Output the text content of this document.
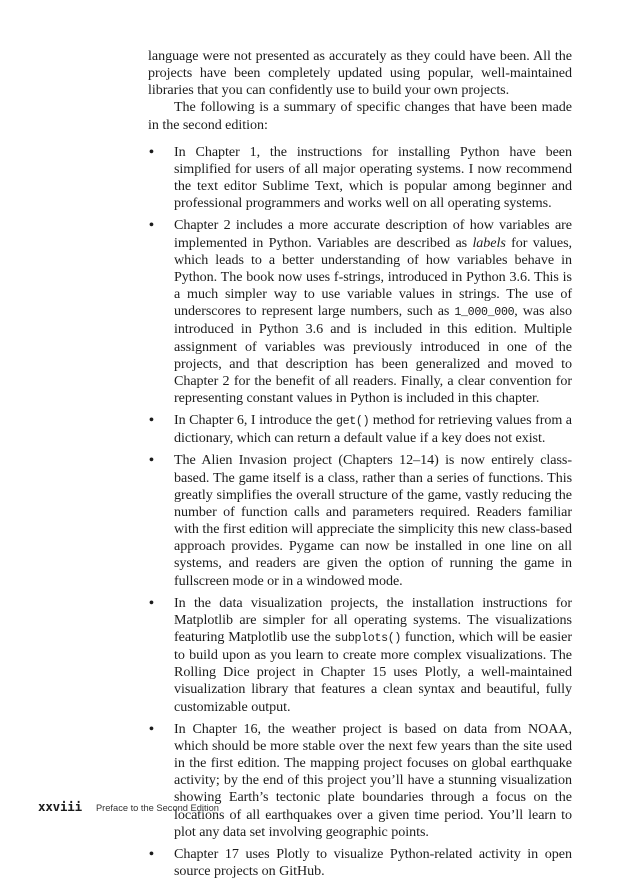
language were not presented as accurately as they could have been. All the projects have been completely updated using popular, well-maintained libraries that you can confidently use to build your own projects.

The following is a summary of specific changes that have been made in the second edition:

• In Chapter 1, the instructions for installing Python have been simplified for users of all major operating systems. I now recommend the text editor Sublime Text, which is popular among beginner and professional programmers and works well on all operating systems.
• Chapter 2 includes a more accurate description of how variables are implemented in Python. Variables are described as labels for values, which leads to a better understanding of how variables behave in Python. The book now uses f-strings, introduced in Python 3.6. This is a much simpler way to use variable values in strings. The use of underscores to represent large numbers, such as 1_000_000, was also introduced in Python 3.6 and is included in this edition. Multiple assignment of variables was previously introduced in one of the projects, and that description has been generalized and moved to Chapter 2 for the benefit of all readers. Finally, a clear convention for representing constant values in Python is included in this chapter.
• In Chapter 6, I introduce the get() method for retrieving values from a dictionary, which can return a default value if a key does not exist.
• The Alien Invasion project (Chapters 12–14) is now entirely class-based. The game itself is a class, rather than a series of functions. This greatly simplifies the overall structure of the game, vastly reducing the number of function calls and parameters required. Readers familiar with the first edition will appreciate the simplicity this new class-based approach provides. Pygame can now be installed in one line on all systems, and readers are given the option of running the game in fullscreen mode or in a windowed mode.
• In the data visualization projects, the installation instructions for Matplotlib are simpler for all operating systems. The visualizations featuring Matplotlib use the subplots() function, which will be easier to build upon as you learn to create more complex visualizations. The Rolling Dice project in Chapter 15 uses Plotly, a well-maintained visualization library that features a clean syntax and beautiful, fully customizable output.
• In Chapter 16, the weather project is based on data from NOAA, which should be more stable over the next few years than the site used in the first edition. The mapping project focuses on global earthquake activity; by the end of this project you’ll have a stunning visualization showing Earth’s tectonic plate boundaries through a focus on the locations of all earthquakes over a given time period. You’ll learn to plot any data set involving geographic points.
• Chapter 17 uses Plotly to visualize Python-related activity in open source projects on GitHub.
xxviii Preface to the Second Edition
